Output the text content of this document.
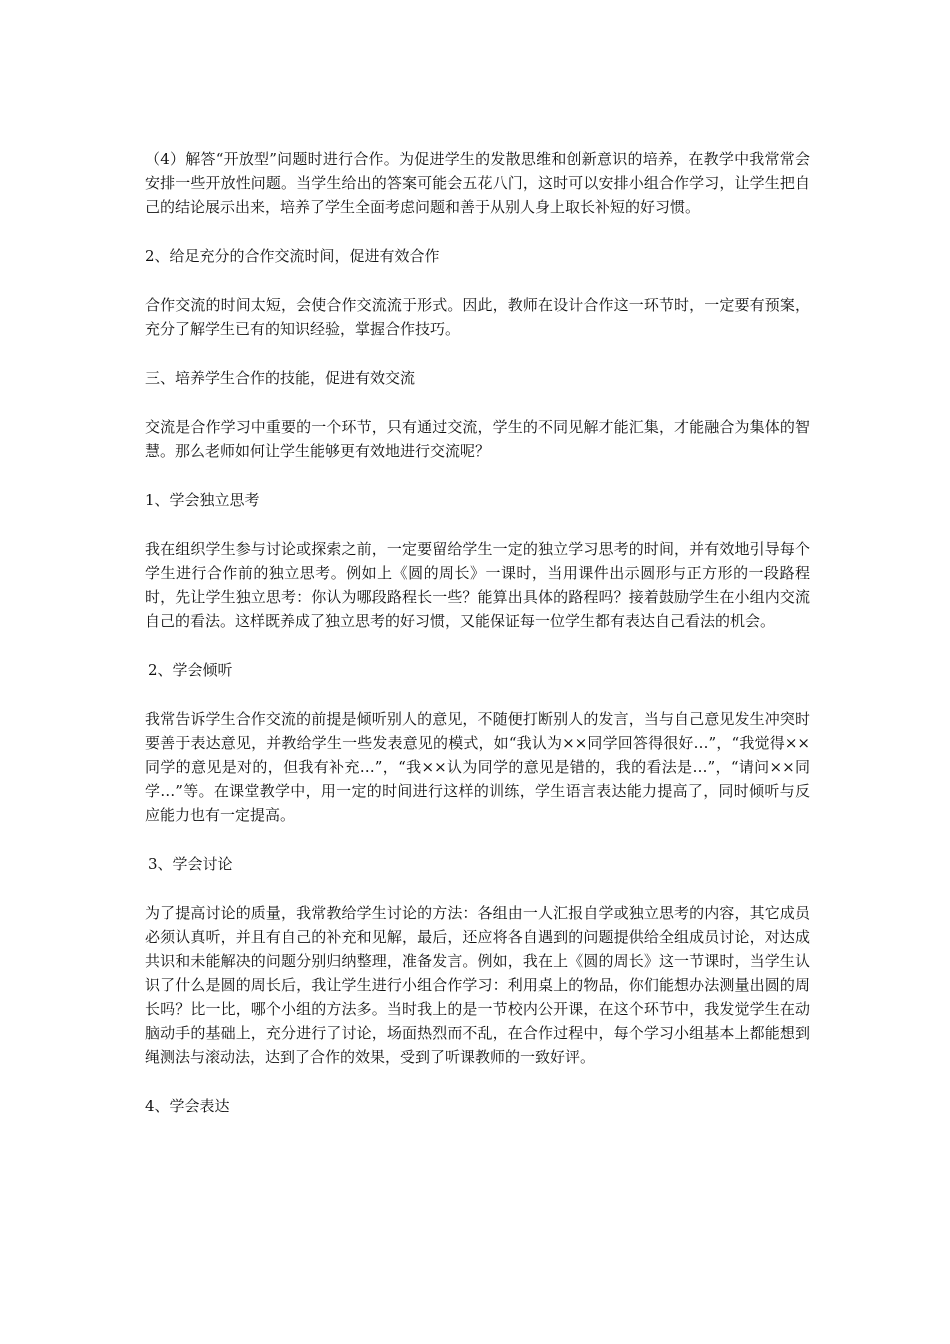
（4）解答“开放型”问题时进行合作。为促进学生的发散思维和创新意识的培养，在教学中我常常会安排一些开放性问题。当学生给出的答案可能会五花八门，这时可以安排小组合作学习，让学生把自己的结论展示出来，培养了学生全面考虑问题和善于从别人身上取长补短的好习惯。

2、给足充分的合作交流时间，促进有效合作

合作交流的时间太短，会使合作交流流于形式。因此，教师在设计合作这一环节时，一定要有预案，充分了解学生已有的知识经验，掌握合作技巧。

三、培养学生合作的技能，促进有效交流

交流是合作学习中重要的一个环节，只有通过交流，学生的不同见解才能汇集，才能融合为集体的智慧。那么老师如何让学生能够更有效地进行交流呢？

1、学会独立思考

我在组织学生参与讨论或探索之前，一定要留给学生一定的独立学习思考的时间，并有效地引导每个学生进行合作前的独立思考。例如上《圆的周长》一课时，当用课件出示圆形与正方形的一段路程时，先让学生独立思考：你认为哪段路程长一些？能算出具体的路程吗？接着鼓励学生在小组内交流自己的看法。这样既养成了独立思考的好习惯，又能保证每一位学生都有表达自己看法的机会。

2、学会倾听

我常告诉学生合作交流的前提是倾听别人的意见，不随便打断别人的发言，当与自己意见发生冲突时要善于表达意见，并教给学生一些发表意见的模式，如“我认为××同学回答得很好…”，“我觉得××同学的意见是对的，但我有补充…”，“我××认为同学的意见是错的，我的看法是…”，“请问××同学…”等。在课堂教学中，用一定的时间进行这样的训练，学生语言表达能力提高了，同时倾听与反应能力也有一定提高。

3、学会讨论

为了提高讨论的质量，我常教给学生讨论的方法：各组由一人汇报自学或独立思考的内容，其它成员必须认真听，并且有自己的补充和见解，最后，还应将各自遇到的问题提供给全组成员讨论，对达成共识和未能解决的问题分别归纳整理，准备发言。例如，我在上《圆的周长》这一节课时，当学生认识了什么是圆的周长后，我让学生进行小组合作学习：利用桌上的物品，你们能想办法测量出圆的周长吗？比一比，哪个小组的方法多。当时我上的是一节校内公开课，在这个环节中，我发觉学生在动脑动手的基础上，充分进行了讨论，场面热烈而不乱，在合作过程中，每个学习小组基本上都能想到绳测法与滚动法，达到了合作的效果，受到了听课教师的一致好评。

4、学会表达
